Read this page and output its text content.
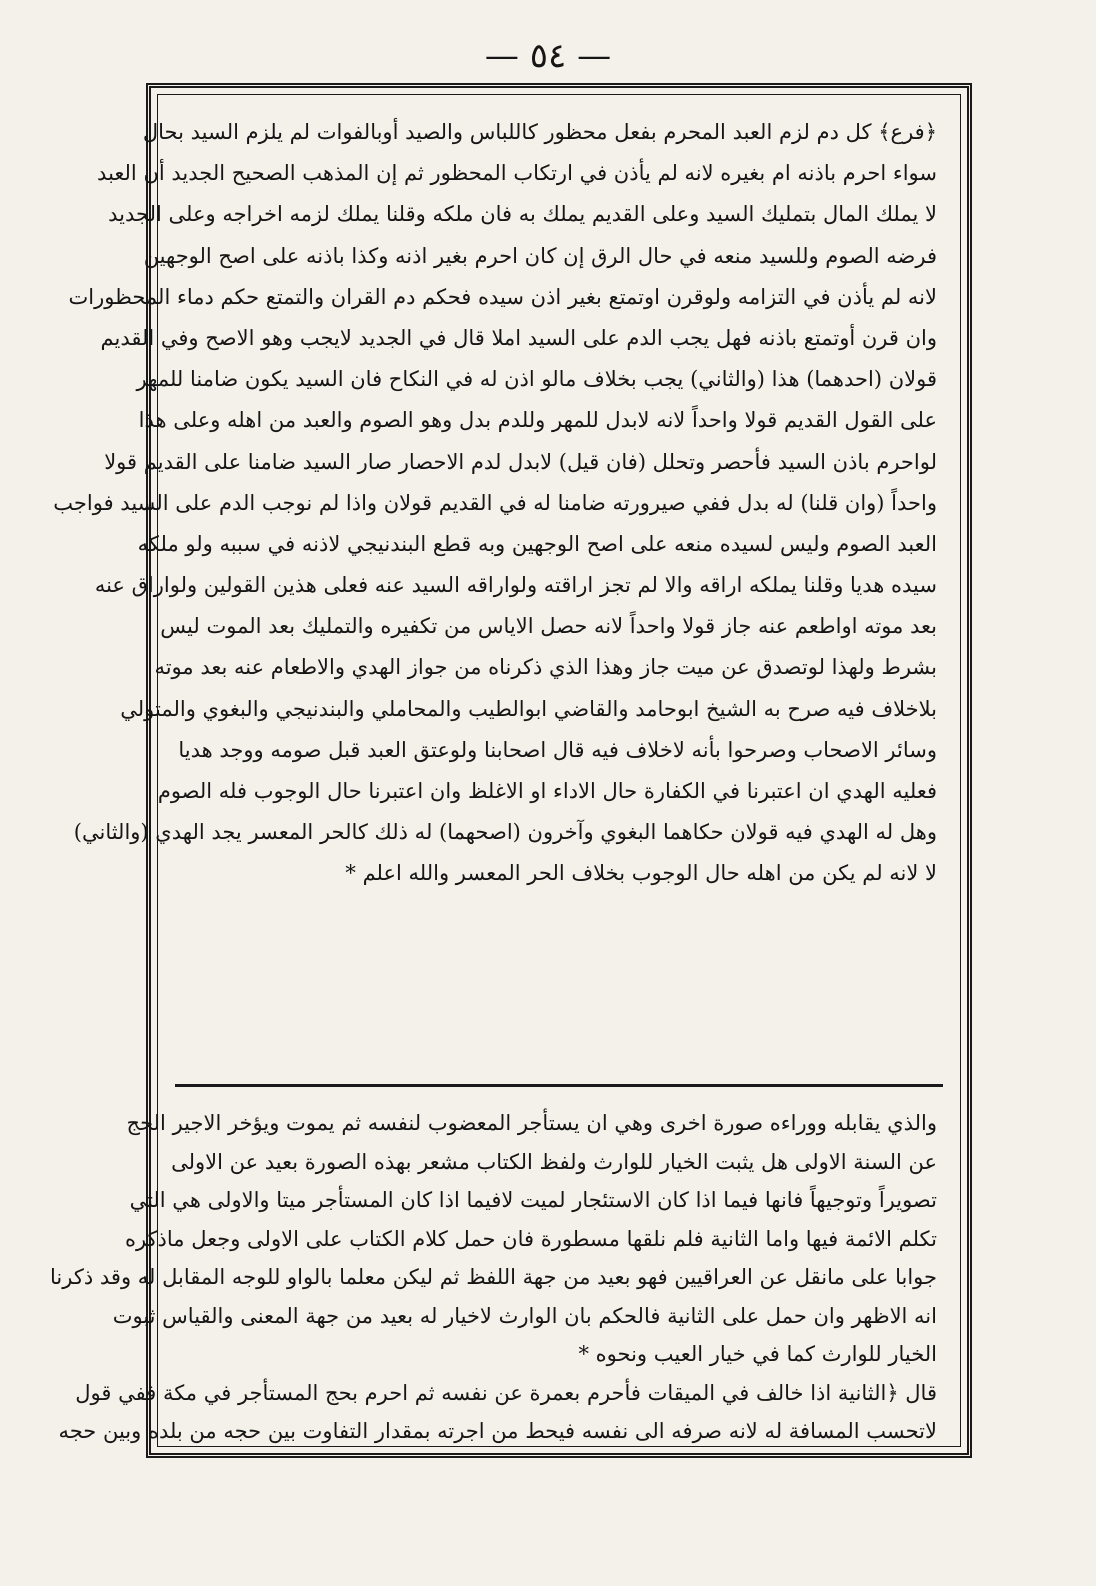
— ٥٤ —
﴿فرع﴾ كل دم لزم العبد المحرم بفعل محظور كاللباس والصيد أوبالفوات لم يلزم السيد بحال
سواء احرم باذنه ام بغيره لانه لم يأذن في ارتكاب المحظور ثم إن المذهب الصحيح الجديد أن العبد
لا يملك المال بتمليك السيد وعلى القديم يملك به فان ملكه وقلنا يملك لزمه اخراجه وعلى الجديد
فرضه الصوم وللسيد منعه في حال الرق إن كان احرم بغير اذنه وكذا باذنه على اصح الوجهين
لانه لم يأذن في التزامه ولوقرن اوتمتع بغير اذن سيده فحكم دم القران والتمتع حكم دماء المحظورات
وان قرن أوتمتع باذنه فهل يجب الدم على السيد املا قال في الجديد لايجب وهو الاصح وفي القديم
قولان (احدهما) هذا (والثاني) يجب بخلاف مالو اذن له في النكاح فان السيد يكون ضامنا للمهر
على القول القديم قولا واحداً لانه لابدل للمهر وللدم بدل وهو الصوم والعبد من اهله وعلى هذا
لواحرم باذن السيد فأحصر وتحلل (فان قيل) لابدل لدم الاحصار صار السيد ضامنا على القديم قولا
واحداً (وان قلنا) له بدل ففي صيرورته ضامنا له في القديم قولان واذا لم نوجب الدم على السيد فواجب
العبد الصوم وليس لسيده منعه على اصح الوجهين وبه قطع البندنيجي لاذنه في سببه ولو ملكه
سيده هديا وقلنا يملكه اراقه والا لم تجز اراقته ولواراقه السيد عنه فعلى هذين القولين ولواراق عنه
بعد موته اواطعم عنه جاز قولا واحداً لانه حصل الاياس من تكفيره والتمليك بعد الموت ليس
بشرط ولهذا لوتصدق عن ميت جاز وهذا الذي ذكرناه من جواز الهدي والاطعام عنه بعد موته
بلاخلاف فيه صرح به الشيخ ابوحامد والقاضي ابوالطيب والمحاملي والبندنيجي والبغوي والمتولي
وسائر الاصحاب وصرحوا بأنه لاخلاف فيه قال اصحابنا ولوعتق العبد قبل صومه ووجد هديا
فعليه الهدي ان اعتبرنا في الكفارة حال الاداء او الاغلظ وان اعتبرنا حال الوجوب فله الصوم
وهل له الهدي فيه قولان حكاهما البغوي وآخرون (اصحهما) له ذلك كالحر المعسر يجد الهدي (والثاني)
لا لانه لم يكن من اهله حال الوجوب بخلاف الحر المعسر والله اعلم *
والذي يقابله ووراءه صورة اخرى وهي ان يستأجر المعضوب لنفسه ثم يموت ويؤخر الاجير الحج
عن السنة الاولى هل يثبت الخيار للوارث ولفظ الكتاب مشعر بهذه الصورة بعيد عن الاولى
تصويراً وتوجيهاً فانها فيما اذا كان الاستئجار لميت لافيما اذا كان المستأجر ميتا والاولى هي التي
تكلم الائمة فيها واما الثانية فلم نلقها مسطورة فان حمل كلام الكتاب على الاولى وجعل ماذكره
جوابا على مانقل عن العراقيين فهو بعيد من جهة اللفظ ثم ليكن معلما بالواو للوجه المقابل له وقد ذكرنا
انه الاظهر وان حمل على الثانية فالحكم بان الوارث لاخيار له بعيد من جهة المعنى والقياس ثبوت
الخيار للوارث كما في خيار العيب ونحوه *
قال ﴿الثانية اذا خالف في الميقات فأحرم بعمرة عن نفسه ثم احرم بحج المستأجر في مكة ففي قول
لاتحسب المسافة له لانه صرفه الى نفسه فيحط من اجرته بمقدار التفاوت بين حجه من بلده وبين حجه
